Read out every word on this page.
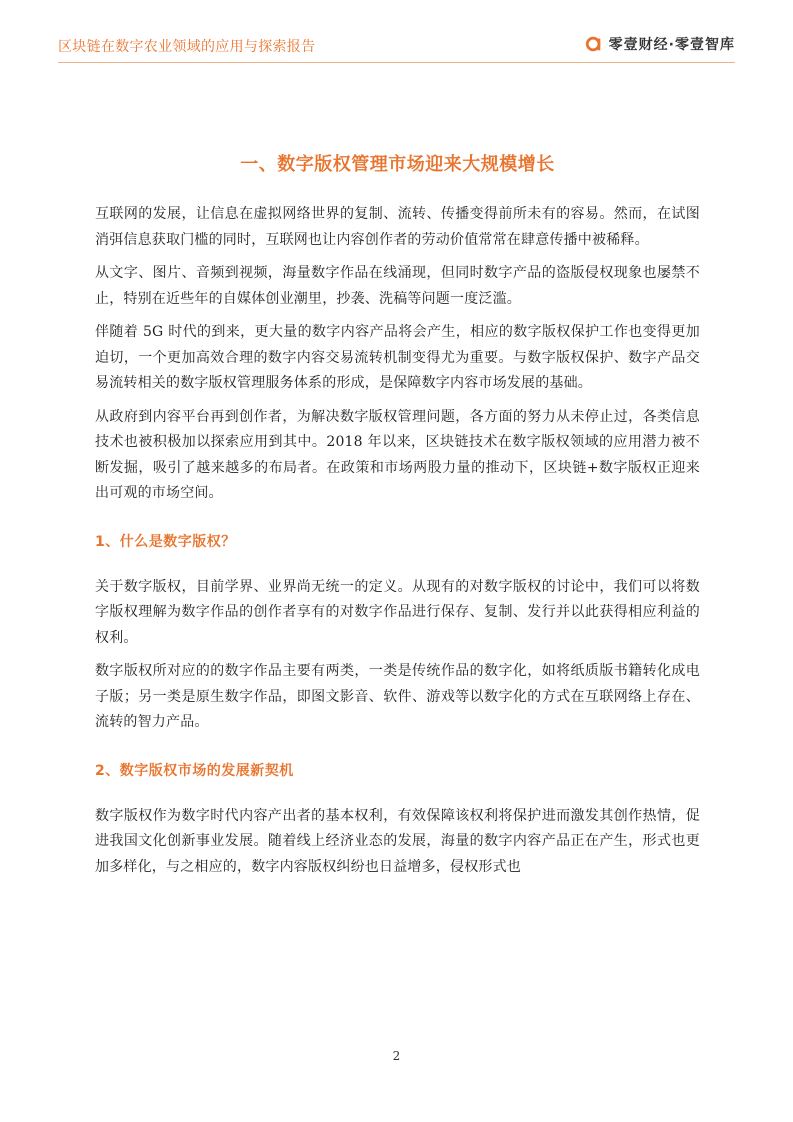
区块链在数字农业领域的应用与探索报告	零壹财经·零壹智库
一、数字版权管理市场迎来大规模增长

互联网的发展，让信息在虚拟网络世界的复制、流转、传播变得前所未有的容易。然而，在试图消弭信息获取门槛的同时，互联网也让内容创作者的劳动价值常常在肆意传播中被稀释。

从文字、图片、音频到视频，海量数字作品在线涌现，但同时数字产品的盗版侵权现象也屡禁不止，特别在近些年的自媒体创业潮里，抄袭、洗稿等问题一度泛滥。

伴随着 5G 时代的到来，更大量的数字内容产品将会产生，相应的数字版权保护工作也变得更加迫切，一个更加高效合理的数字内容交易流转机制变得尤为重要。与数字版权保护、数字产品交易流转相关的数字版权管理服务体系的形成，是保障数字内容市场发展的基础。

从政府到内容平台再到创作者，为解决数字版权管理问题，各方面的努力从未停止过，各类信息技术也被积极加以探索应用到其中。2018 年以来，区块链技术在数字版权领域的应用潜力被不断发掘，吸引了越来越多的布局者。在政策和市场两股力量的推动下，区块链+数字版权正迎来出可观的市场空间。

1、什么是数字版权？

关于数字版权，目前学界、业界尚无统一的定义。从现有的对数字版权的讨论中，我们可以将数字版权理解为数字作品的创作者享有的对数字作品进行保存、复制、发行并以此获得相应利益的权利。

数字版权所对应的的数字作品主要有两类，一类是传统作品的数字化，如将纸质版书籍转化成电子版；另一类是原生数字作品，即图文影音、软件、游戏等以数字化的方式在互联网络上存在、流转的智力产品。

2、数字版权市场的发展新契机

数字版权作为数字时代内容产出者的基本权利，有效保障该权利将保护进而激发其创作热情，促进我国文化创新事业发展。随着线上经济业态的发展，海量的数字内容产品正在产生，形式也更加多样化，与之相应的，数字内容版权纠纷也日益增多，侵权形式也

2
